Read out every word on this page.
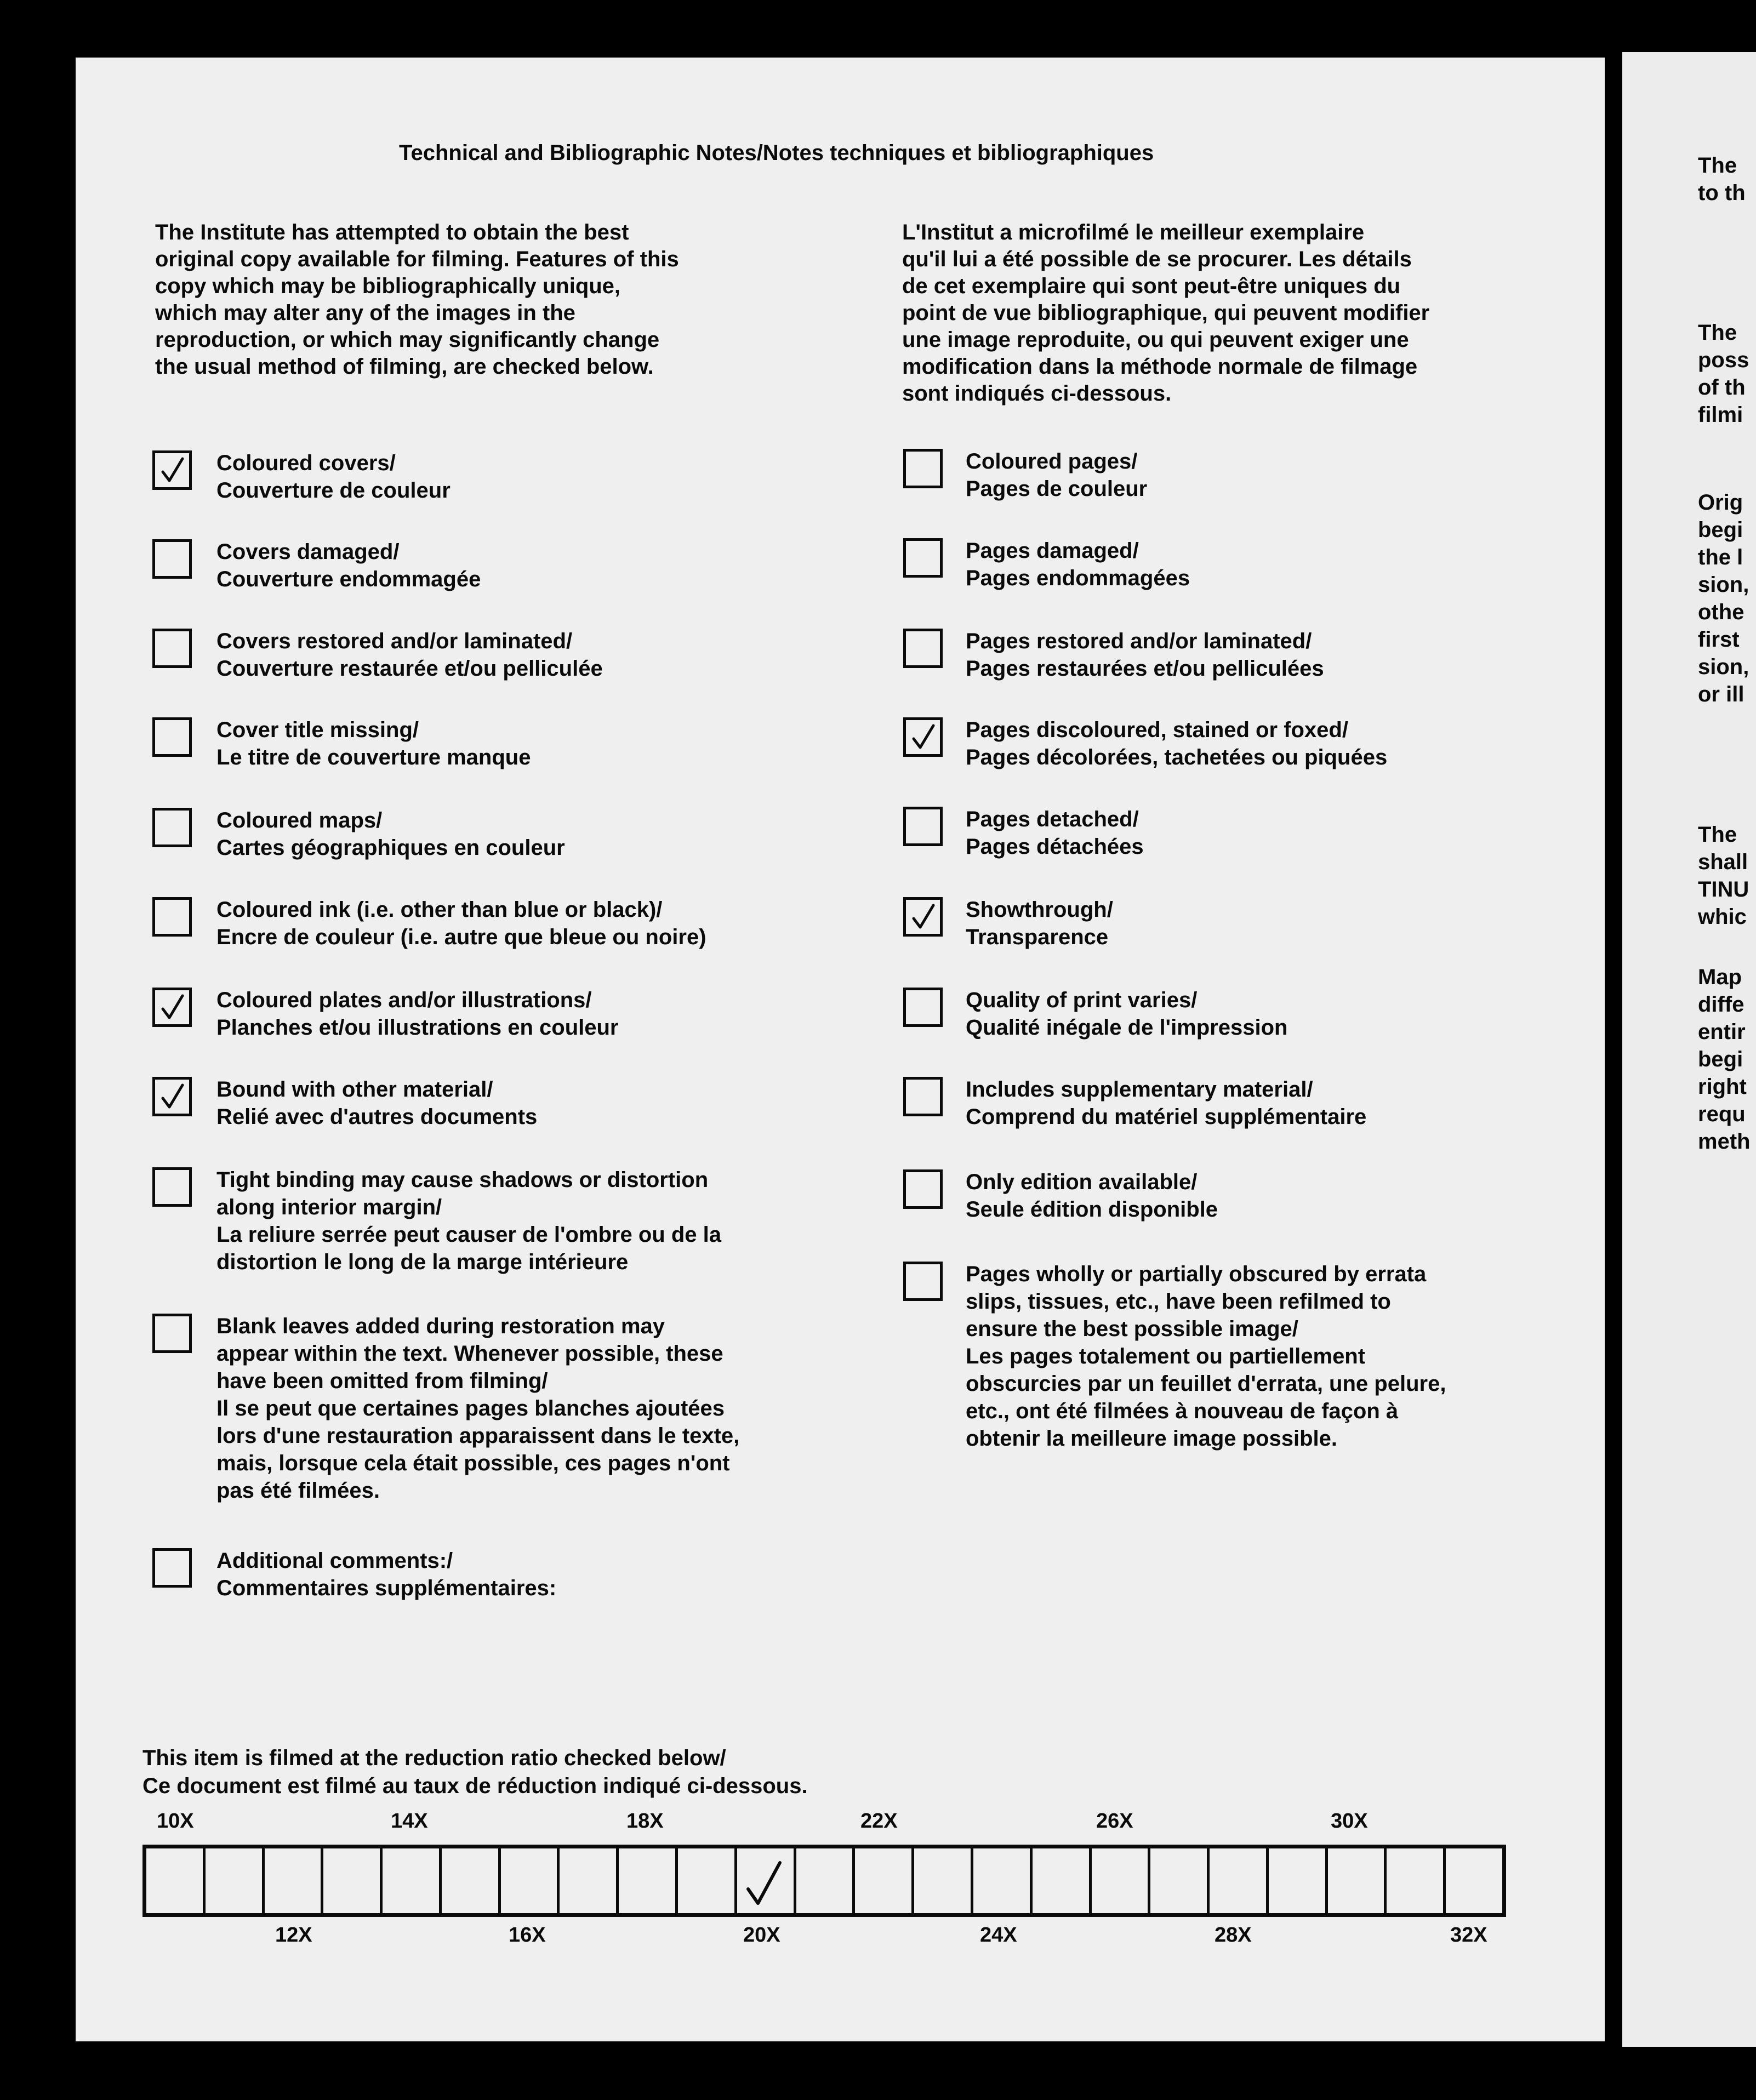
Technical and Bibliographic Notes/Notes techniques et bibliographiques
The Institute has attempted to obtain the best
original copy available for filming. Features of this
copy which may be bibliographically unique,
which may alter any of the images in the
reproduction, or which may significantly change
the usual method of filming, are checked below.
L'Institut a microfilmé le meilleur exemplaire
qu'il lui a été possible de se procurer. Les détails
de cet exemplaire qui sont peut-être uniques du
point de vue bibliographique, qui peuvent modifier
une image reproduite, ou qui peuvent exiger une
modification dans la méthode normale de filmage
sont indiqués ci-dessous.
Coloured covers/
Couverture de couleur
Covers damaged/
Couverture endommagée
Covers restored and/or laminated/
Couverture restaurée et/ou pelliculée
Cover title missing/
Le titre de couverture manque
Coloured maps/
Cartes géographiques en couleur
Coloured ink (i.e. other than blue or black)/
Encre de couleur (i.e. autre que bleue ou noire)
Coloured plates and/or illustrations/
Planches et/ou illustrations en couleur
Bound with other material/
Relié avec d'autres documents
Tight binding may cause shadows or distortion
along interior margin/
La reliure serrée peut causer de l'ombre ou de la
distortion le long de la marge intérieure
Blank leaves added during restoration may
appear within the text. Whenever possible, these
have been omitted from filming/
Il se peut que certaines pages blanches ajoutées
lors d'une restauration apparaissent dans le texte,
mais, lorsque cela était possible, ces pages n'ont
pas été filmées.
Additional comments:/
Commentaires supplémentaires:
Coloured pages/
Pages de couleur
Pages damaged/
Pages endommagées
Pages restored and/or laminated/
Pages restaurées et/ou pelliculées
Pages discoloured, stained or foxed/
Pages décolorées, tachetées ou piquées
Pages detached/
Pages détachées
Showthrough/
Transparence
Quality of print varies/
Qualité inégale de l'impression
Includes supplementary material/
Comprend du matériel supplémentaire
Only edition available/
Seule édition disponible
Pages wholly or partially obscured by errata
slips, tissues, etc., have been refilmed to
ensure the best possible image/
Les pages totalement ou partiellement
obscurcies par un feuillet d'errata, une pelure,
etc., ont été filmées à nouveau de façon à
obtenir la meilleure image possible.
This item is filmed at the reduction ratio checked below/
Ce document est filmé au taux de réduction indiqué ci-dessous.
10X	14X	18X	22X	26X	30X
12X	16X	20X	24X	28X	32X
The
to th
The
poss
of th
filmi
Orig
begi
the l
sion,
othe
first
sion,
or ill
The
shall
TINU
whic
Map
diffe
entir
begi
right
requ
meth
